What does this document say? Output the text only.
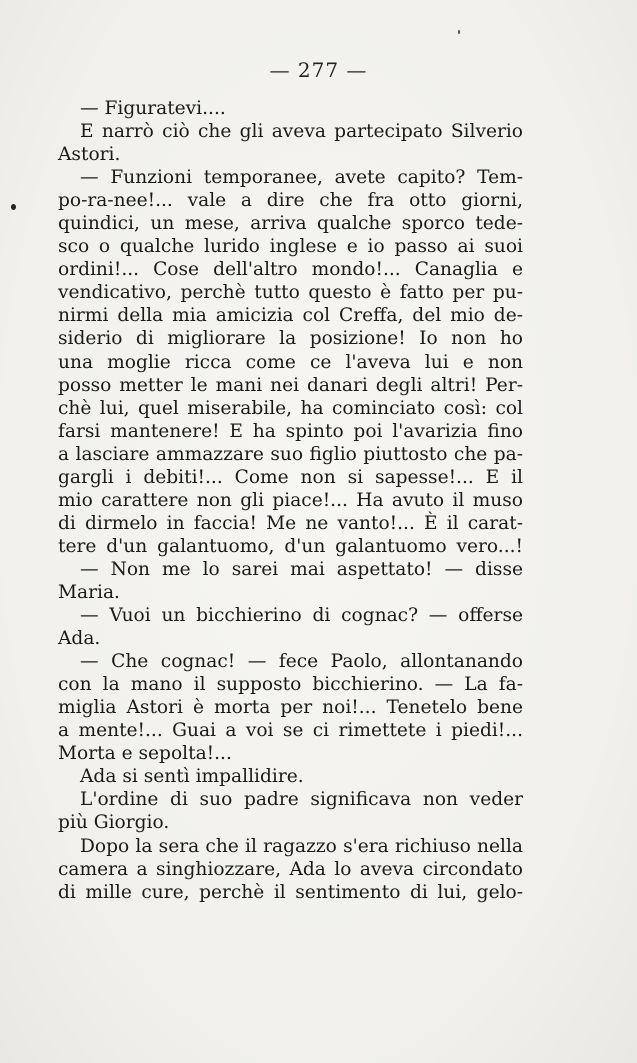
— 277 —
— Figuratevi....
E narrò ciò che gli aveva partecipato Silverio
Astori.
— Funzioni temporanee, avete capito? Tem-
po-ra-nee!... vale a dire che fra otto giorni,
quindici, un mese, arriva qualche sporco tede-
sco o qualche lurido inglese e io passo ai suoi
ordini!... Cose dell'altro mondo!... Canaglia e
vendicativo, perchè tutto questo è fatto per pu-
nirmi della mia amicizia col Creffa, del mio de-
siderio di migliorare la posizione! Io non ho
una moglie ricca come ce l'aveva lui e non
posso metter le mani nei danari degli altri! Per-
chè lui, quel miserabile, ha cominciato così: col
farsi mantenere! E ha spinto poi l'avarizia fino
a lasciare ammazzare suo figlio piuttosto che pa-
gargli i debiti!... Come non si sapesse!... E il
mio carattere non gli piace!... Ha avuto il muso
di dirmelo in faccia! Me ne vanto!... È il carat-
tere d'un galantuomo, d'un galantuomo vero...!
— Non me lo sarei mai aspettato! — disse
Maria.
— Vuoi un bicchierino di cognac? — offerse
Ada.
— Che cognac! — fece Paolo, allontanando
con la mano il supposto bicchierino. — La fa-
miglia Astori è morta per noi!... Tenetelo bene
a mente!... Guai a voi se ci rimettete i piedi!...
Morta e sepolta!...
Ada si sentì impallidire.
L'ordine di suo padre significava non veder
più Giorgio.
Dopo la sera che il ragazzo s'era richiuso nella
camera a singhiozzare, Ada lo aveva circondato
di mille cure, perchè il sentimento di lui, gelo-
